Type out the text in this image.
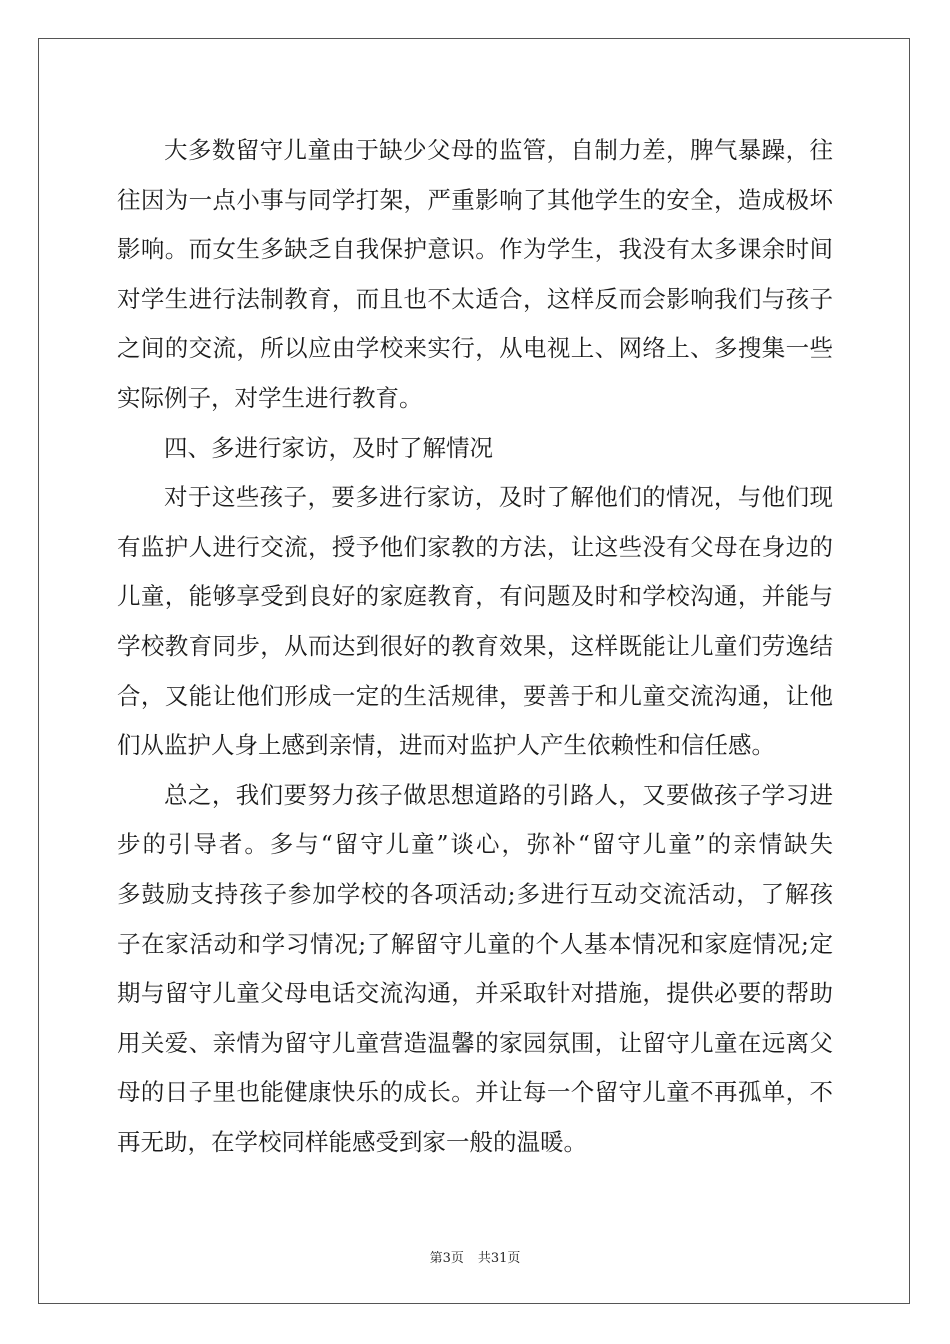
大多数留守儿童由于缺少父母的监管，自制力差，脾气暴躁，往
往因为一点小事与同学打架，严重影响了其他学生的安全，造成极坏
影响。而女生多缺乏自我保护意识。作为学生，我没有太多课余时间
对学生进行法制教育，而且也不太适合，这样反而会影响我们与孩子
之间的交流，所以应由学校来实行，从电视上、网络上、多搜集一些
实际例子，对学生进行教育。
四、多进行家访，及时了解情况
对于这些孩子，要多进行家访，及时了解他们的情况，与他们现
有监护人进行交流，授予他们家教的方法，让这些没有父母在身边的
儿童，能够享受到良好的家庭教育，有问题及时和学校沟通，并能与
学校教育同步，从而达到很好的教育效果，这样既能让儿童们劳逸结
合，又能让他们形成一定的生活规律，要善于和儿童交流沟通，让他
们从监护人身上感到亲情，进而对监护人产生依赖性和信任感。
总之，我们要努力孩子做思想道路的引路人，又要做孩子学习进
步的引导者。多与“留守儿童”谈心，弥补“留守儿童”的亲情缺失
多鼓励支持孩子参加学校的各项活动;多进行互动交流活动，了解孩
子在家活动和学习情况;了解留守儿童的个人基本情况和家庭情况;定
期与留守儿童父母电话交流沟通，并采取针对措施，提供必要的帮助
用关爱、亲情为留守儿童营造温馨的家园氛围，让留守儿童在远离父
母的日子里也能健康快乐的成长。并让每一个留守儿童不再孤单，不
再无助，在学校同样能感受到家一般的温暖。
第3页 共31页
